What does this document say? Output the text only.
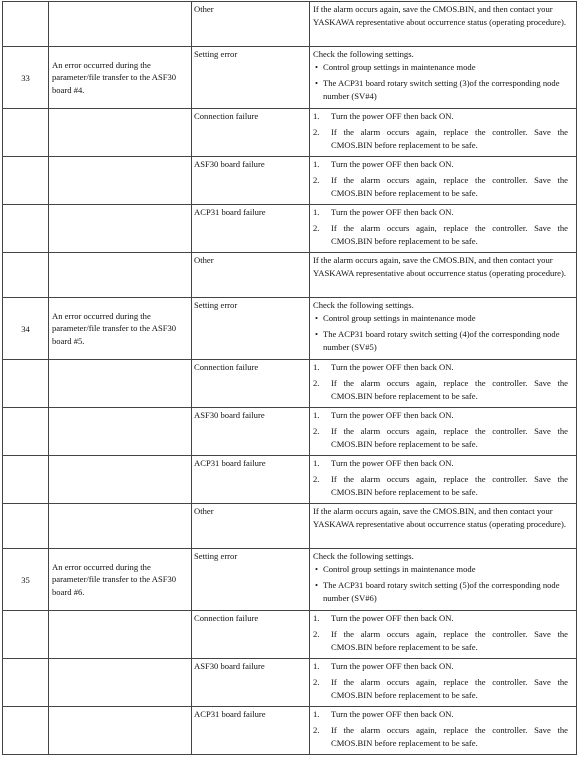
		Other	If the alarm occurs again, save the CMOS.BIN, and then contact your YASKAWA representative about occurrence status (operating procedure).

33	An error occurred during the parameter/file transfer to the ASF30 board #4.	Setting error	Check the following settings.

• Control group settings in maintenance mode
• The ACP31 board rotary switch setting (3)of the corresponding node number (SV#4)

		Connection failure	1. Turn the power OFF then back ON.
2. If the alarm occurs again, replace the controller. Save the CMOS.BIN before replacement to be safe.

		ASF30 board failure	1. Turn the power OFF then back ON.
2. If the alarm occurs again, replace the controller. Save the CMOS.BIN before replacement to be safe.

		ACP31 board failure	1. Turn the power OFF then back ON.
2. If the alarm occurs again, replace the controller. Save the CMOS.BIN before replacement to be safe.

		Other	If the alarm occurs again, save the CMOS.BIN, and then contact your YASKAWA representative about occurrence status (operating procedure).

34	An error occurred during the parameter/file transfer to the ASF30 board #5.	Setting error	Check the following settings.

• Control group settings in maintenance mode
• The ACP31 board rotary switch setting (4)of the corresponding node number (SV#5)

		Connection failure	1. Turn the power OFF then back ON.
2. If the alarm occurs again, replace the controller. Save the CMOS.BIN before replacement to be safe.

		ASF30 board failure	1. Turn the power OFF then back ON.
2. If the alarm occurs again, replace the controller. Save the CMOS.BIN before replacement to be safe.

		ACP31 board failure	1. Turn the power OFF then back ON.
2. If the alarm occurs again, replace the controller. Save the CMOS.BIN before replacement to be safe.

		Other	If the alarm occurs again, save the CMOS.BIN, and then contact your YASKAWA representative about occurrence status (operating procedure).

35	An error occurred during the parameter/file transfer to the ASF30 board #6.	Setting error	Check the following settings.

• Control group settings in maintenance mode
• The ACP31 board rotary switch setting (5)of the corresponding node number (SV#6)

		Connection failure	1. Turn the power OFF then back ON.
2. If the alarm occurs again, replace the controller. Save the CMOS.BIN before replacement to be safe.

		ASF30 board failure	1. Turn the power OFF then back ON.
2. If the alarm occurs again, replace the controller. Save the CMOS.BIN before replacement to be safe.

		ACP31 board failure	1. Turn the power OFF then back ON.
2. If the alarm occurs again, replace the controller. Save the CMOS.BIN before replacement to be safe.
